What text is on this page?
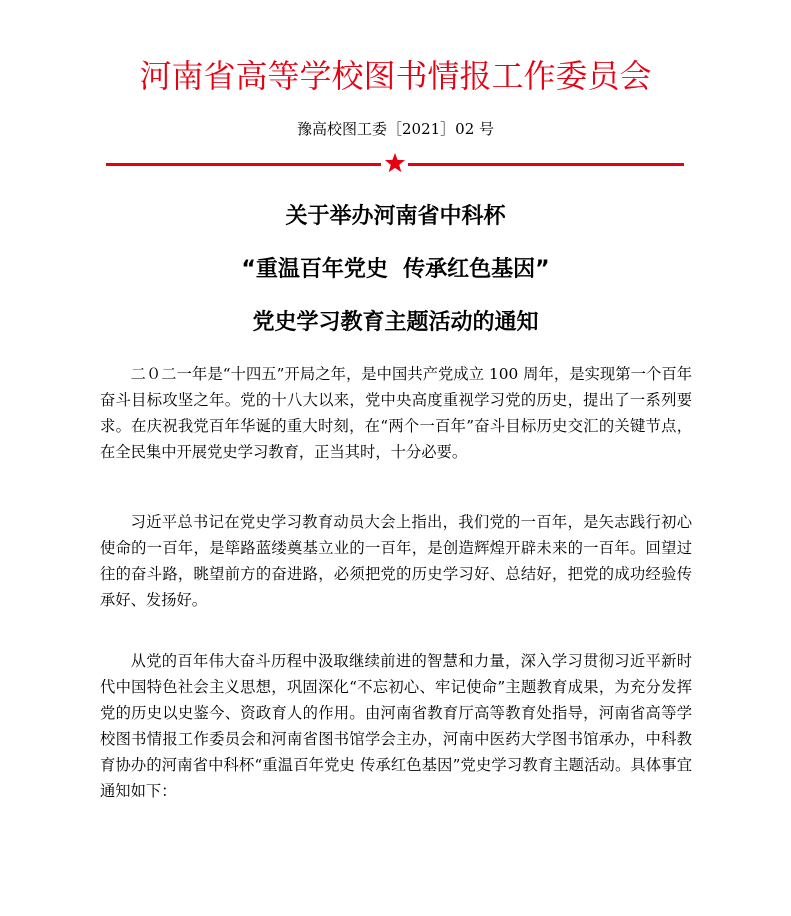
河南省高等学校图书情报工作委员会
豫高校图工委［2021］02 号
关于举办河南省中科杯
“重温百年党史  传承红色基因”
党史学习教育主题活动的通知

二０二一年是“十四五”开局之年，是中国共产党成立 100 周年，是实现第一个百年奋斗目标攻坚之年。党的十八大以来，党中央高度重视学习党的历史，提出了一系列要求。在庆祝我党百年华诞的重大时刻，在“两个一百年”奋斗目标历史交汇的关键节点，在全民集中开展党史学习教育，正当其时，十分必要。

习近平总书记在党史学习教育动员大会上指出，我们党的一百年，是矢志践行初心使命的一百年，是筚路蓝缕奠基立业的一百年，是创造辉煌开辟未来的一百年。回望过往的奋斗路，眺望前方的奋进路，必须把党的历史学习好、总结好，把党的成功经验传承好、发扬好。

从党的百年伟大奋斗历程中汲取继续前进的智慧和力量，深入学习贯彻习近平新时代中国特色社会主义思想，巩固深化“不忘初心、牢记使命”主题教育成果，为充分发挥党的历史以史鉴今、资政育人的作用。由河南省教育厅高等教育处指导，河南省高等学校图书情报工作委员会和河南省图书馆学会主办，河南中医药大学图书馆承办，中科教育协办的河南省中科杯“重温百年党史 传承红色基因”党史学习教育主题活动。具体事宜通知如下：
